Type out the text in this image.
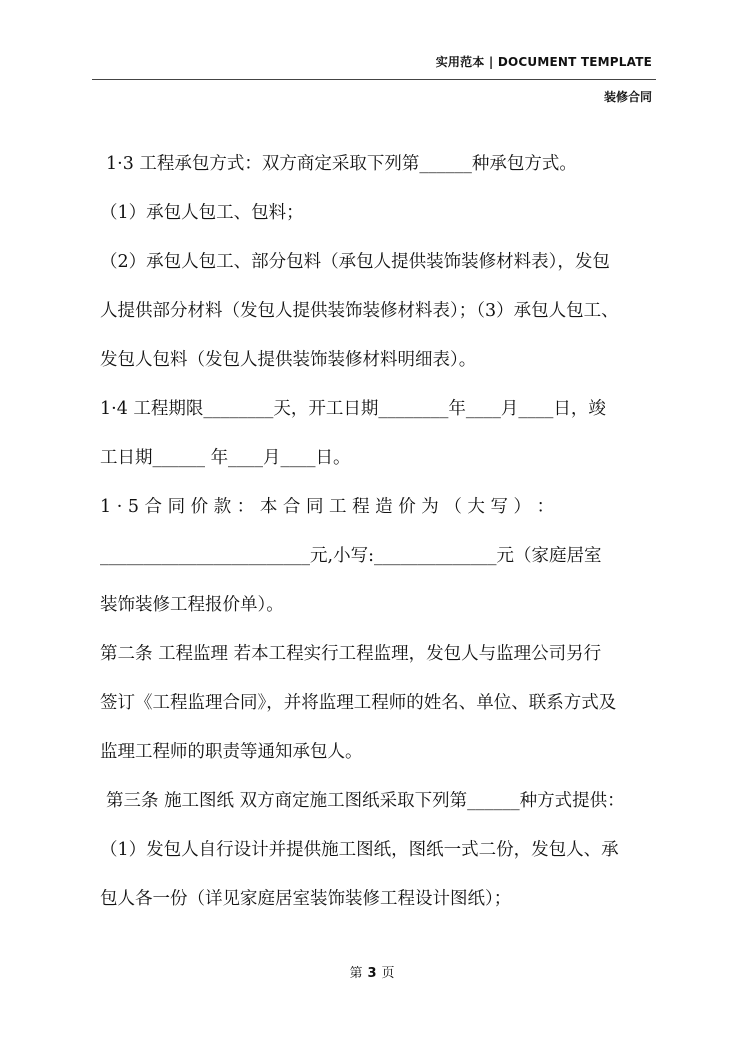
实用范本 | DOCUMENT TEMPLATE
装修合同
1·3 工程承包方式：双方商定采取下列第______种承包方式。
（1）承包人包工、包料；
（2）承包人包工、部分包料（承包人提供装饰装修材料表），发包
人提供部分材料（发包人提供装饰装修材料表）；（3）承包人包工、
发包人包料（发包人提供装饰装修材料明细表）。
1·4 工程期限________天，开工日期________年____月____日，竣
工日期______ 年____月____日。
1 · 5 合 同 价 款 ： 本 合 同 工 程 造 价 为 （ 大 写 ） ：
________________________元,小写:______________元（家庭居室
装饰装修工程报价单）。
第二条 工程监理 若本工程实行工程监理，发包人与监理公司另行
签订《工程监理合同》，并将监理工程师的姓名、单位、联系方式及
监理工程师的职责等通知承包人。
第三条 施工图纸 双方商定施工图纸采取下列第______种方式提供：
（1）发包人自行设计并提供施工图纸，图纸一式二份，发包人、承
包人各一份（详见家庭居室装饰装修工程设计图纸）；
第 3 页
